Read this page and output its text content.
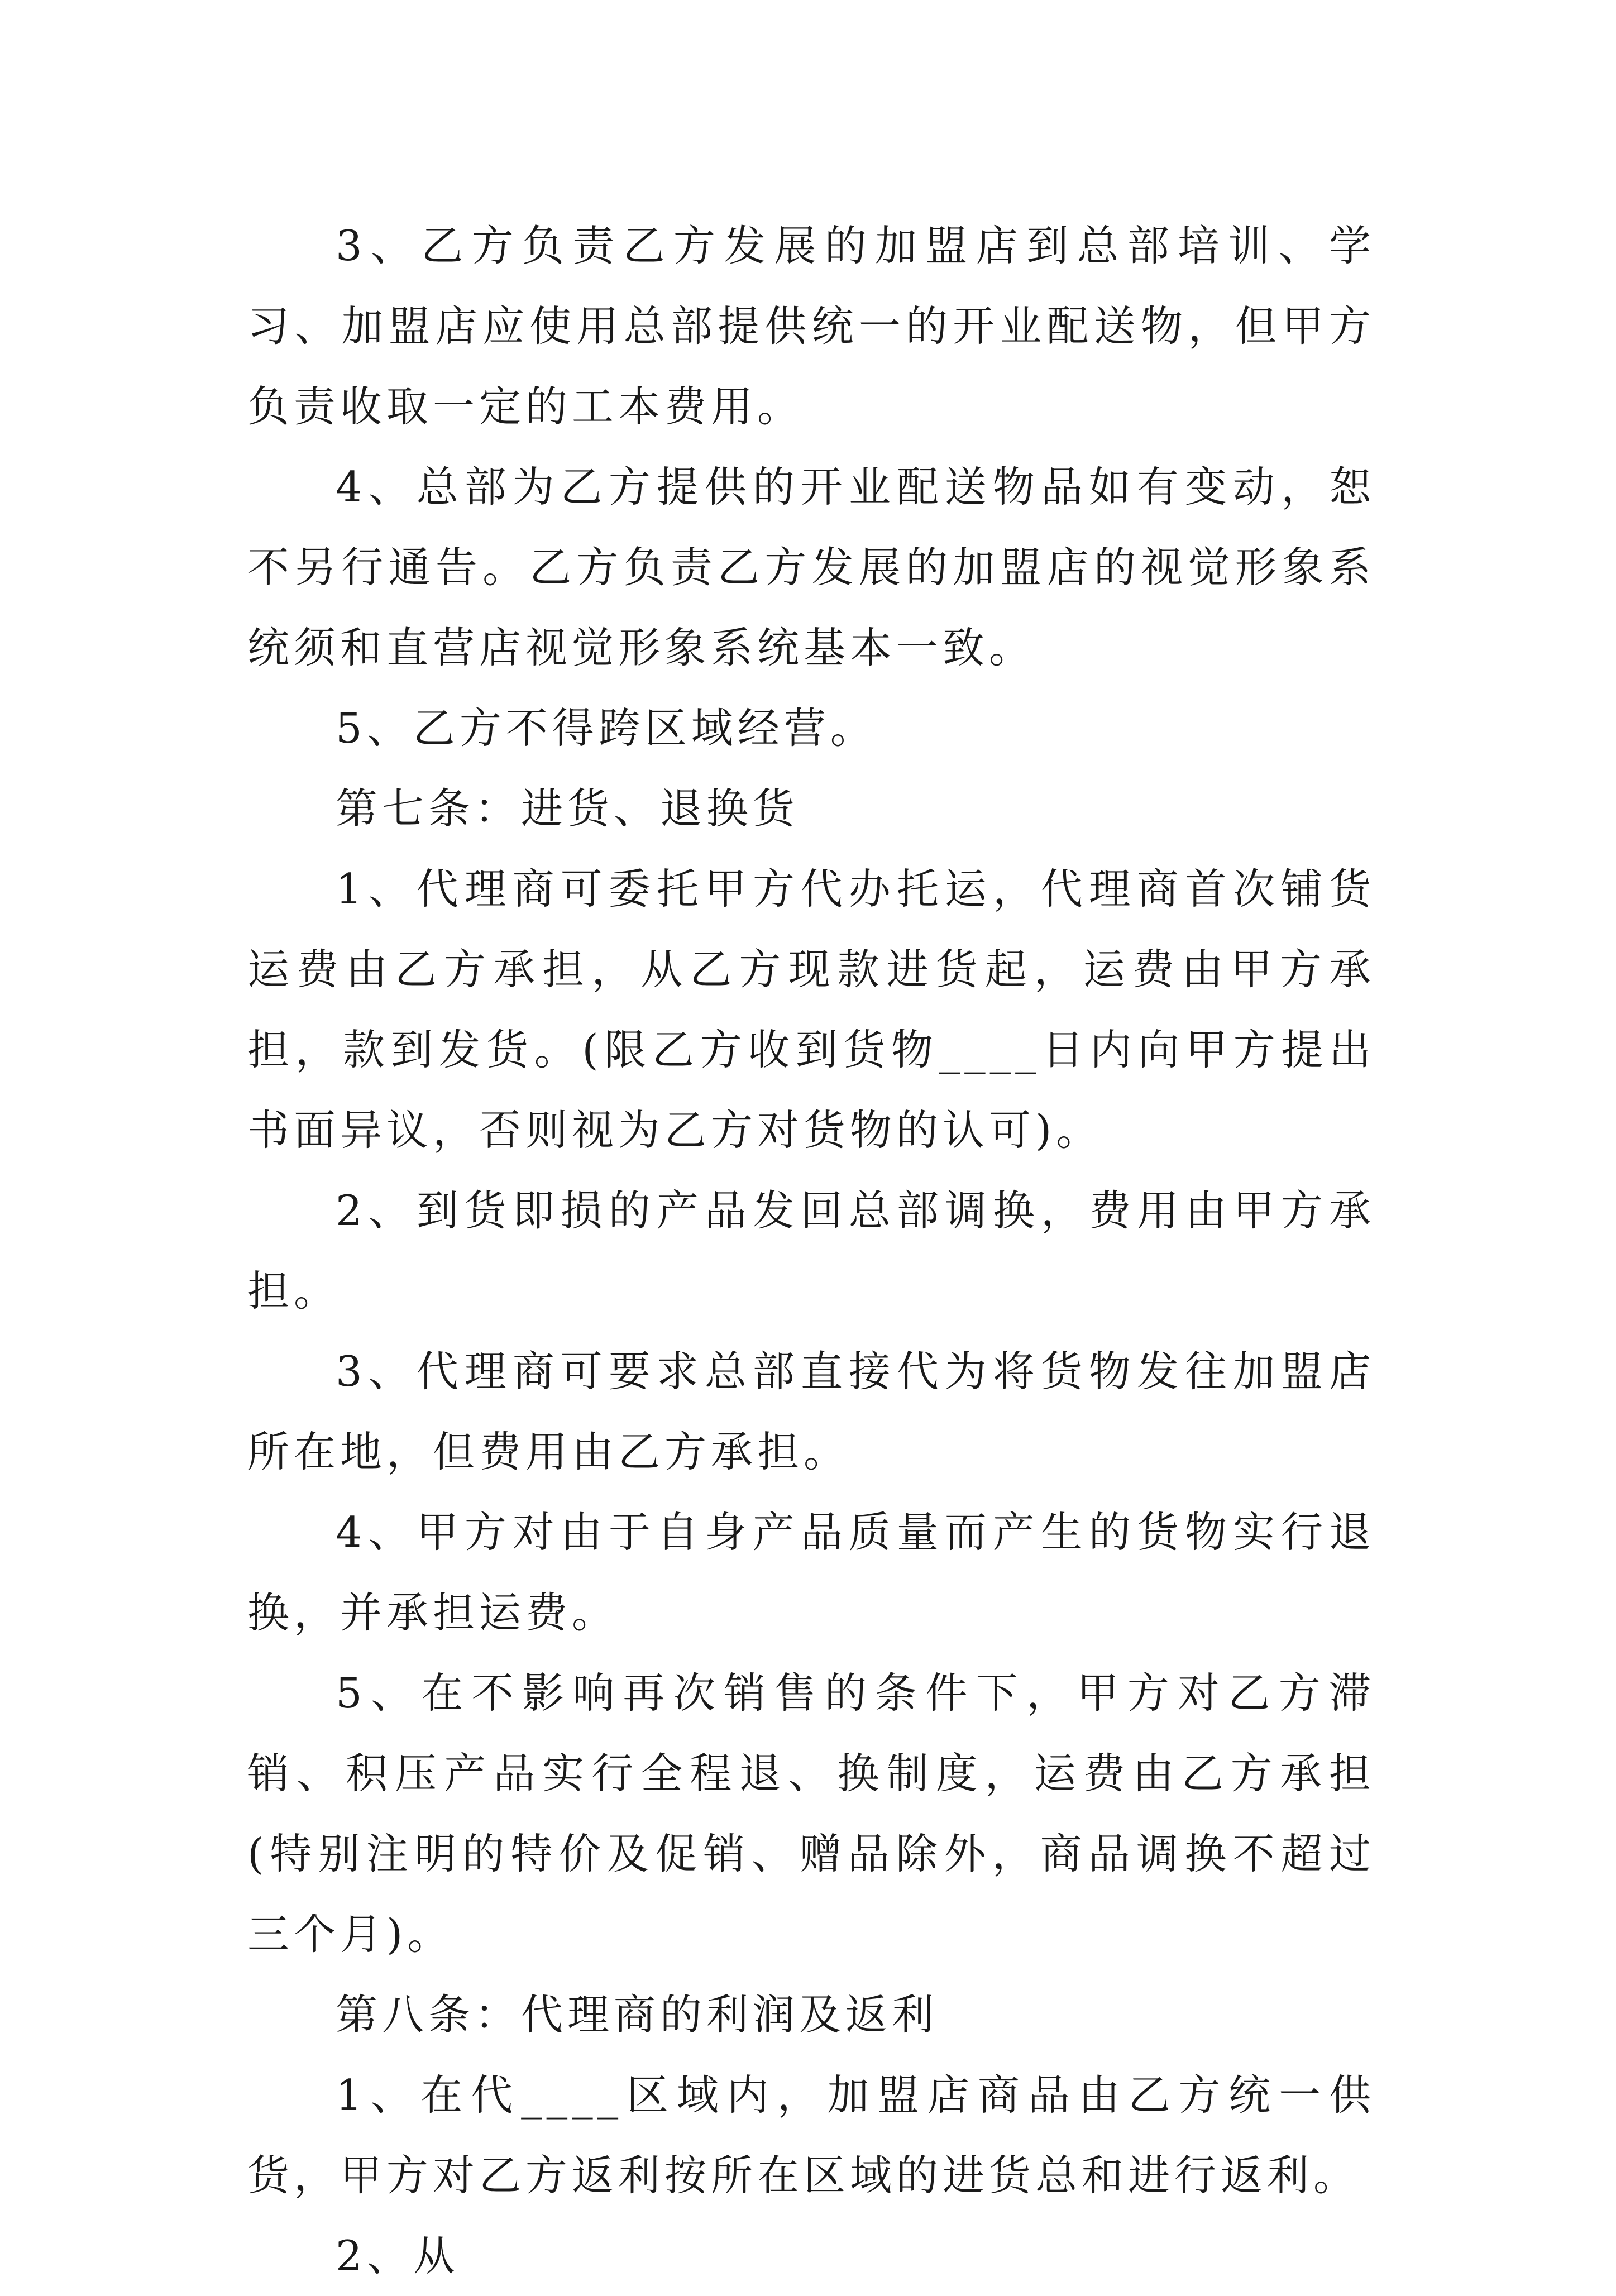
3、乙方负责乙方发展的加盟店到总部培训、学习、加盟店应使用总部提供统一的开业配送物，但甲方负责收取一定的工本费用。

4、总部为乙方提供的开业配送物品如有变动，恕不另行通告。乙方负责乙方发展的加盟店的视觉形象系统须和直营店视觉形象系统基本一致。

5、乙方不得跨区域经营。

第七条：进货、退换货

1、代理商可委托甲方代办托运，代理商首次铺货运费由乙方承担，从乙方现款进货起，运费由甲方承担，款到发货。(限乙方收到货物____日内向甲方提出书面异议，否则视为乙方对货物的认可)。

2、到货即损的产品发回总部调换，费用由甲方承担。

3、代理商可要求总部直接代为将货物发往加盟店所在地，但费用由乙方承担。

4、甲方对由于自身产品质量而产生的货物实行退换，并承担运费。

5、在不影响再次销售的条件下，甲方对乙方滞销、积压产品实行全程退、换制度，运费由乙方承担(特别注明的特价及促销、赠品除外，商品调换不超过三个月)。

第八条：代理商的利润及返利

1、在代____区域内，加盟店商品由乙方统一供货，甲方对乙方返利按所在区域的进货总和进行返利。

2、从
